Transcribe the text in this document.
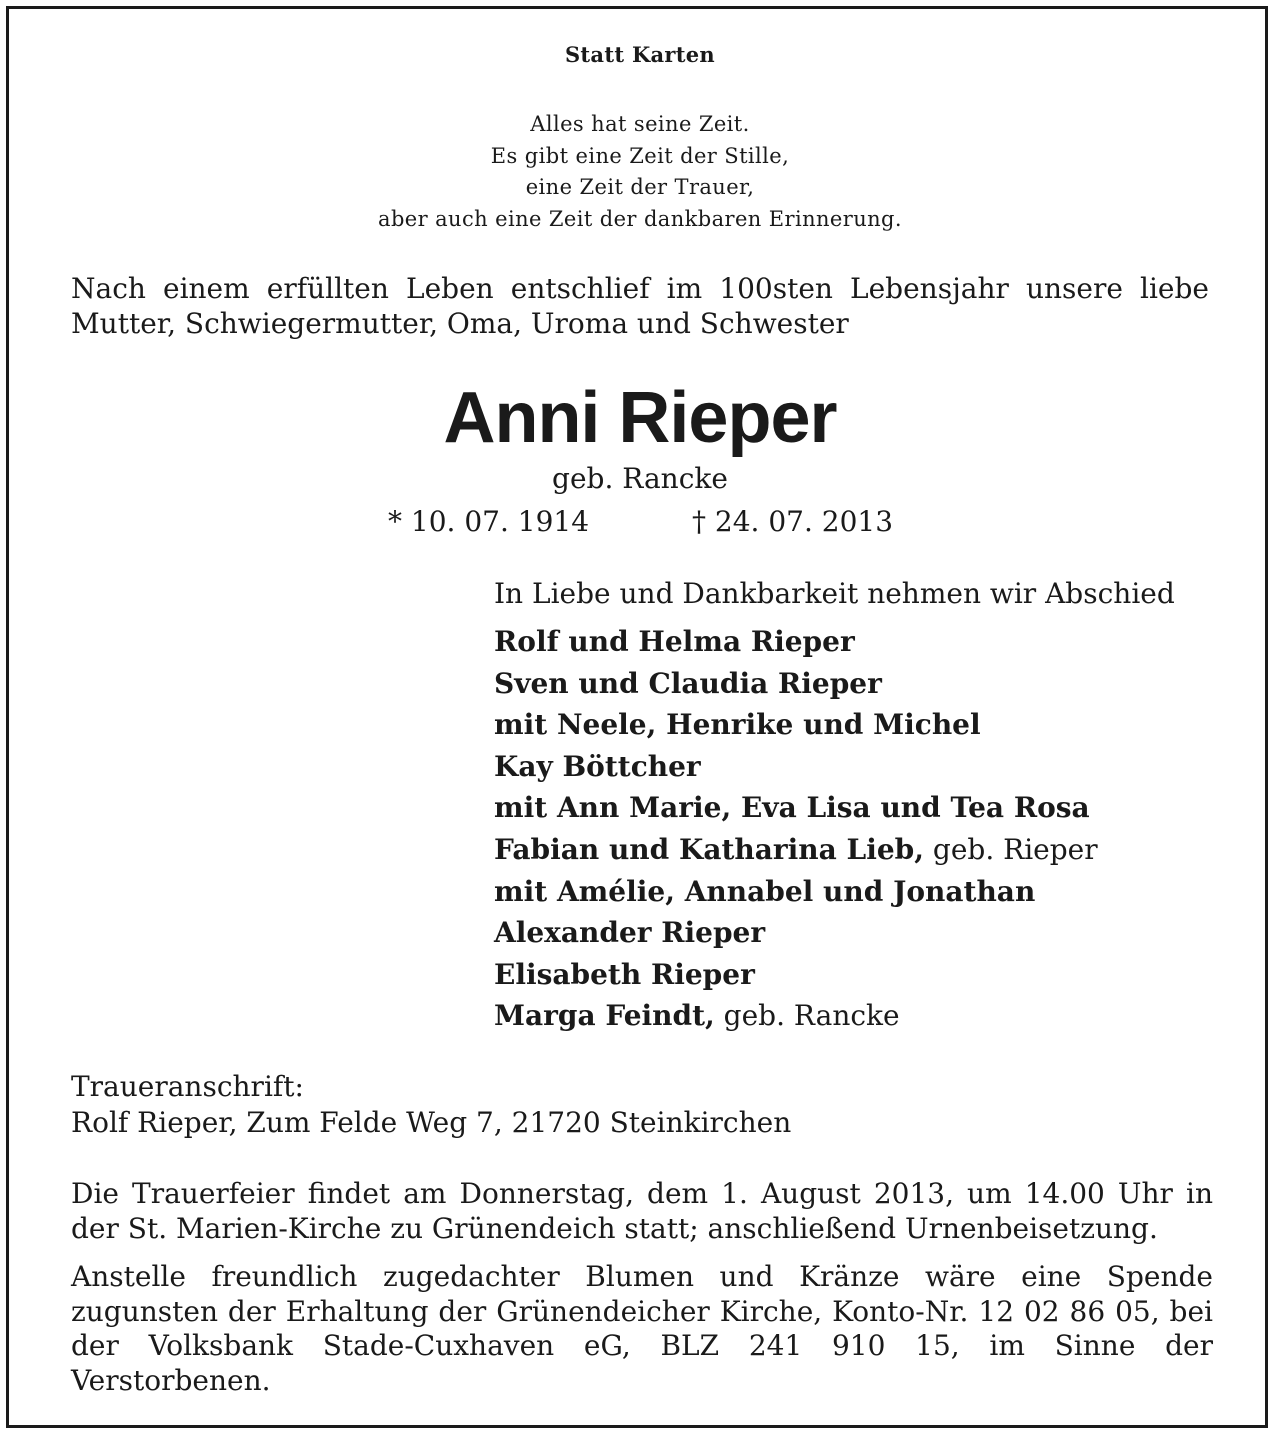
Statt Karten
Alles hat seine Zeit.
Es gibt eine Zeit der Stille,
eine Zeit der Trauer,
aber auch eine Zeit der dankbaren Erinnerung.

Nach einem erfüllten Leben entschlief im 100sten Lebensjahr unsere liebe Mutter, Schwiegermutter, Oma, Uroma und Schwester

Anni Rieper
geb. Rancke
* 10. 07. 1914	† 24. 07. 2013
In Liebe und Dankbarkeit nehmen wir Abschied
Rolf und Helma Rieper
Sven und Claudia Rieper
mit Neele, Henrike und Michel
Kay Böttcher
mit Ann Marie, Eva Lisa und Tea Rosa
Fabian und Katharina Lieb, geb. Rieper
mit Amélie, Annabel und Jonathan
Alexander Rieper
Elisabeth Rieper
Marga Feindt, geb. Rancke
Traueranschrift:
Rolf Rieper, Zum Felde Weg 7, 21720 Steinkirchen

Die Trauerfeier findet am Donnerstag, dem 1. August 2013, um 14.00 Uhr in der St. Marien-Kirche zu Grünendeich statt; anschließend Urnenbeisetzung.

Anstelle freundlich zugedachter Blumen und Kränze wäre eine Spende zugunsten der Erhaltung der Grünendeicher Kirche, Konto-Nr. 12 02 86 05, bei der Volksbank Stade-Cuxhaven eG, BLZ 241 910 15, im Sinne der Verstorbenen.
